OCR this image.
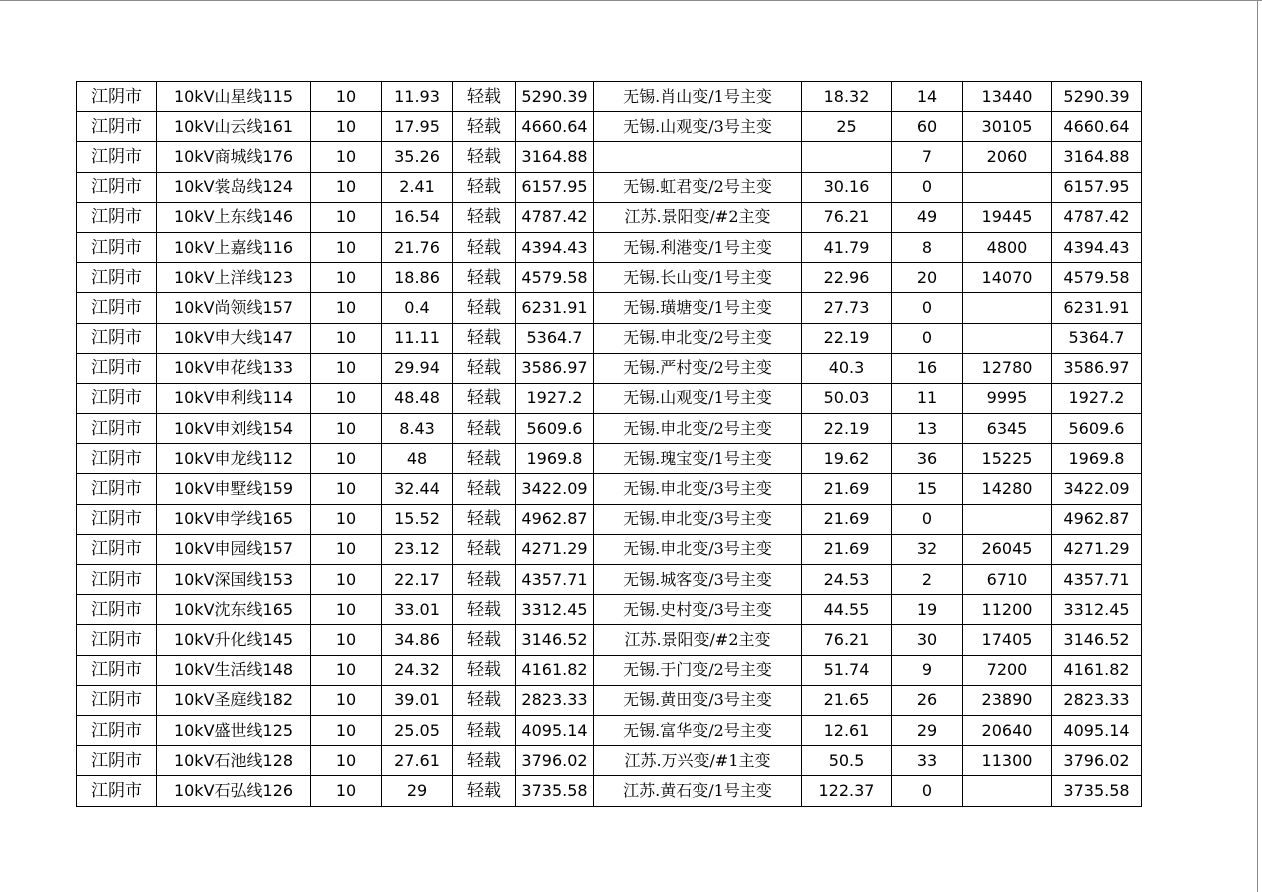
江阴市	10kV山星线115	10	11.93	轻载	5290.39	无锡.肖山变/1号主变	18.32	14	13440	5290.39
江阴市	10kV山云线161	10	17.95	轻载	4660.64	无锡.山观变/3号主变	25	60	30105	4660.64
江阴市	10kV商城线176	10	35.26	轻载	3164.88			7	2060	3164.88
江阴市	10kV裳岛线124	10	2.41	轻载	6157.95	无锡.虹君变/2号主变	30.16	0		6157.95
江阴市	10kV上东线146	10	16.54	轻载	4787.42	江苏.景阳变/#2主变	76.21	49	19445	4787.42
江阴市	10kV上嘉线116	10	21.76	轻载	4394.43	无锡.利港变/1号主变	41.79	8	4800	4394.43
江阴市	10kV上洋线123	10	18.86	轻载	4579.58	无锡.长山变/1号主变	22.96	20	14070	4579.58
江阴市	10kV尚领线157	10	0.4	轻载	6231.91	无锡.璜塘变/1号主变	27.73	0		6231.91
江阴市	10kV申大线147	10	11.11	轻载	5364.7	无锡.申北变/2号主变	22.19	0		5364.7
江阴市	10kV申花线133	10	29.94	轻载	3586.97	无锡.严村变/2号主变	40.3	16	12780	3586.97
江阴市	10kV申利线114	10	48.48	轻载	1927.2	无锡.山观变/1号主变	50.03	11	9995	1927.2
江阴市	10kV申刘线154	10	8.43	轻载	5609.6	无锡.申北变/2号主变	22.19	13	6345	5609.6
江阴市	10kV申龙线112	10	48	轻载	1969.8	无锡.瑰宝变/1号主变	19.62	36	15225	1969.8
江阴市	10kV申墅线159	10	32.44	轻载	3422.09	无锡.申北变/3号主变	21.69	15	14280	3422.09
江阴市	10kV申学线165	10	15.52	轻载	4962.87	无锡.申北变/3号主变	21.69	0		4962.87
江阴市	10kV申园线157	10	23.12	轻载	4271.29	无锡.申北变/3号主变	21.69	32	26045	4271.29
江阴市	10kV深国线153	10	22.17	轻载	4357.71	无锡.城客变/3号主变	24.53	2	6710	4357.71
江阴市	10kV沈东线165	10	33.01	轻载	3312.45	无锡.史村变/3号主变	44.55	19	11200	3312.45
江阴市	10kV升化线145	10	34.86	轻载	3146.52	江苏.景阳变/#2主变	76.21	30	17405	3146.52
江阴市	10kV生活线148	10	24.32	轻载	4161.82	无锡.于门变/2号主变	51.74	9	7200	4161.82
江阴市	10kV圣庭线182	10	39.01	轻载	2823.33	无锡.黄田变/3号主变	21.65	26	23890	2823.33
江阴市	10kV盛世线125	10	25.05	轻载	4095.14	无锡.富华变/2号主变	12.61	29	20640	4095.14
江阴市	10kV石池线128	10	27.61	轻载	3796.02	江苏.万兴变/#1主变	50.5	33	11300	3796.02
江阴市	10kV石弘线126	10	29	轻载	3735.58	江苏.黄石变/1号主变	122.37	0		3735.58
